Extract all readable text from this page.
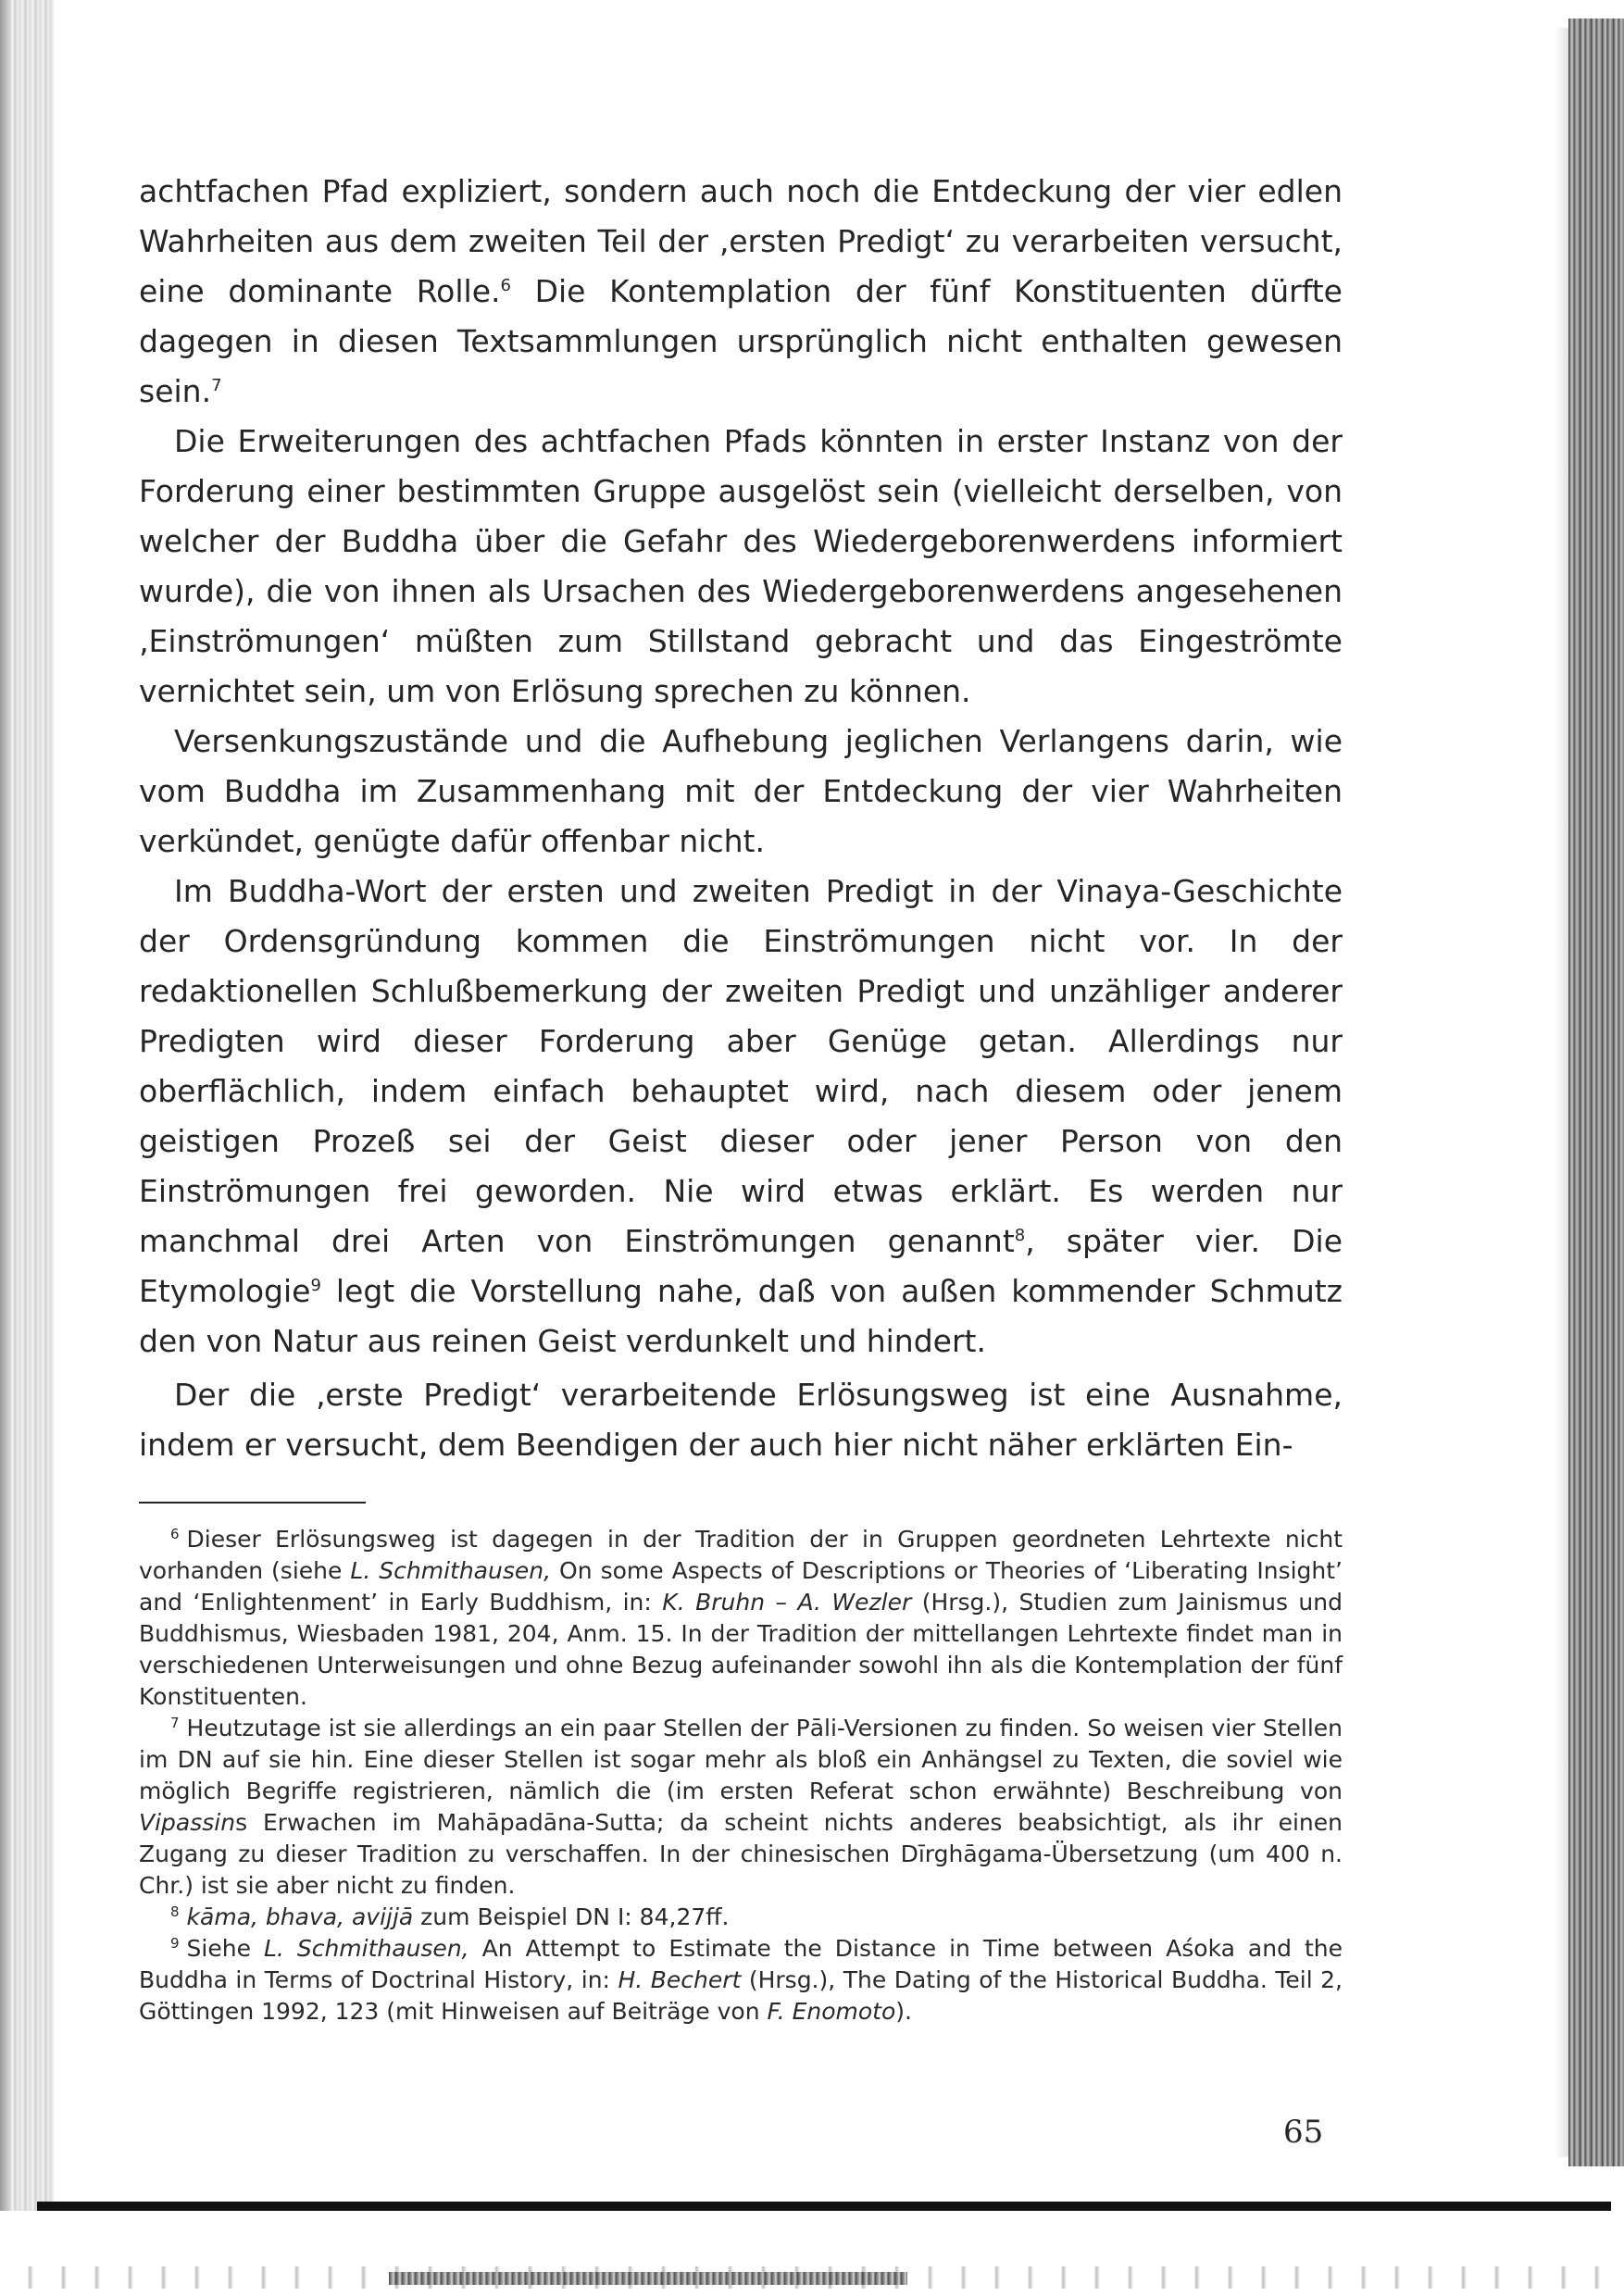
achtfachen Pfad expliziert, sondern auch noch die Entdeckung der vier edlen Wahrheiten aus dem zweiten Teil der ‚ersten Predigt‘ zu verarbeiten versucht, eine dominante Rolle.$^6$ Die Kontemplation der fünf Konstituenten dürfte dagegen in diesen Textsammlungen ursprünglich nicht enthalten gewesen sein.$^7$

Die Erweiterungen des achtfachen Pfads könnten in erster Instanz von der Forderung einer bestimmten Gruppe ausgelöst sein (vielleicht derselben, von welcher der Buddha über die Gefahr des Wiedergeborenwerdens informiert wurde), die von ihnen als Ursachen des Wiedergeborenwerdens angesehenen ‚Einströmungen‘ müßten zum Stillstand gebracht und das Eingeströmte vernichtet sein, um von Erlösung sprechen zu können.

Versenkungszustände und die Aufhebung jeglichen Verlangens darin, wie vom Buddha im Zusammenhang mit der Entdeckung der vier Wahrheiten verkündet, genügte dafür offenbar nicht.

Im Buddha-Wort der ersten und zweiten Predigt in der Vinaya-Geschichte der Ordensgründung kommen die Einströmungen nicht vor. In der redaktionellen Schlußbemerkung der zweiten Predigt und unzähliger anderer Predigten wird dieser Forderung aber Genüge getan. Allerdings nur oberflächlich, indem einfach behauptet wird, nach diesem oder jenem geistigen Prozeß sei der Geist dieser oder jener Person von den Einströmungen frei geworden. Nie wird etwas erklärt. Es werden nur manchmal drei Arten von Einströmungen genannt$^8$, später vier. Die Etymologie$^9$ legt die Vorstellung nahe, daß von außen kommender Schmutz den von Natur aus reinen Geist verdunkelt und hindert.

Der die ‚erste Predigt‘ verarbeitende Erlösungsweg ist eine Ausnahme, indem er versucht, dem Beendigen der auch hier nicht näher erklärten Ein-

$^6$ Dieser Erlösungsweg ist dagegen in der Tradition der in Gruppen geordneten Lehrtexte nicht vorhanden (siehe L. Schmithausen, On some Aspects of Descriptions or Theories of ‘Liberating Insight’ and ‘Enlightenment’ in Early Buddhism, in: K. Bruhn – A. Wezler (Hrsg.), Studien zum Jainismus und Buddhismus, Wiesbaden 1981, 204, Anm. 15. In der Tradition der mittellangen Lehrtexte findet man in verschiedenen Unterweisungen und ohne Bezug aufeinander sowohl ihn als die Kontemplation der fünf Konstituenten.

$^7$ Heutzutage ist sie allerdings an ein paar Stellen der Pāli-Versionen zu finden. So weisen vier Stellen im DN auf sie hin. Eine dieser Stellen ist sogar mehr als bloß ein Anhängsel zu Texten, die soviel wie möglich Begriffe registrieren, nämlich die (im ersten Referat schon erwähnte) Beschreibung von Vipassins Erwachen im Mahāpadāna-Sutta; da scheint nichts anderes beabsichtigt, als ihr einen Zugang zu dieser Tradition zu verschaffen. In der chinesischen Dīrghāgama-Übersetzung (um 400 n. Chr.) ist sie aber nicht zu finden.

$^8$ kāma, bhava, avijjā zum Beispiel DN I: 84,27ff.

$^9$ Siehe L. Schmithausen, An Attempt to Estimate the Distance in Time between Aśoka and the Buddha in Terms of Doctrinal History, in: H. Bechert (Hrsg.), The Dating of the Historical Buddha. Teil 2, Göttingen 1992, 123 (mit Hinweisen auf Beiträge von F. Enomoto).

65
